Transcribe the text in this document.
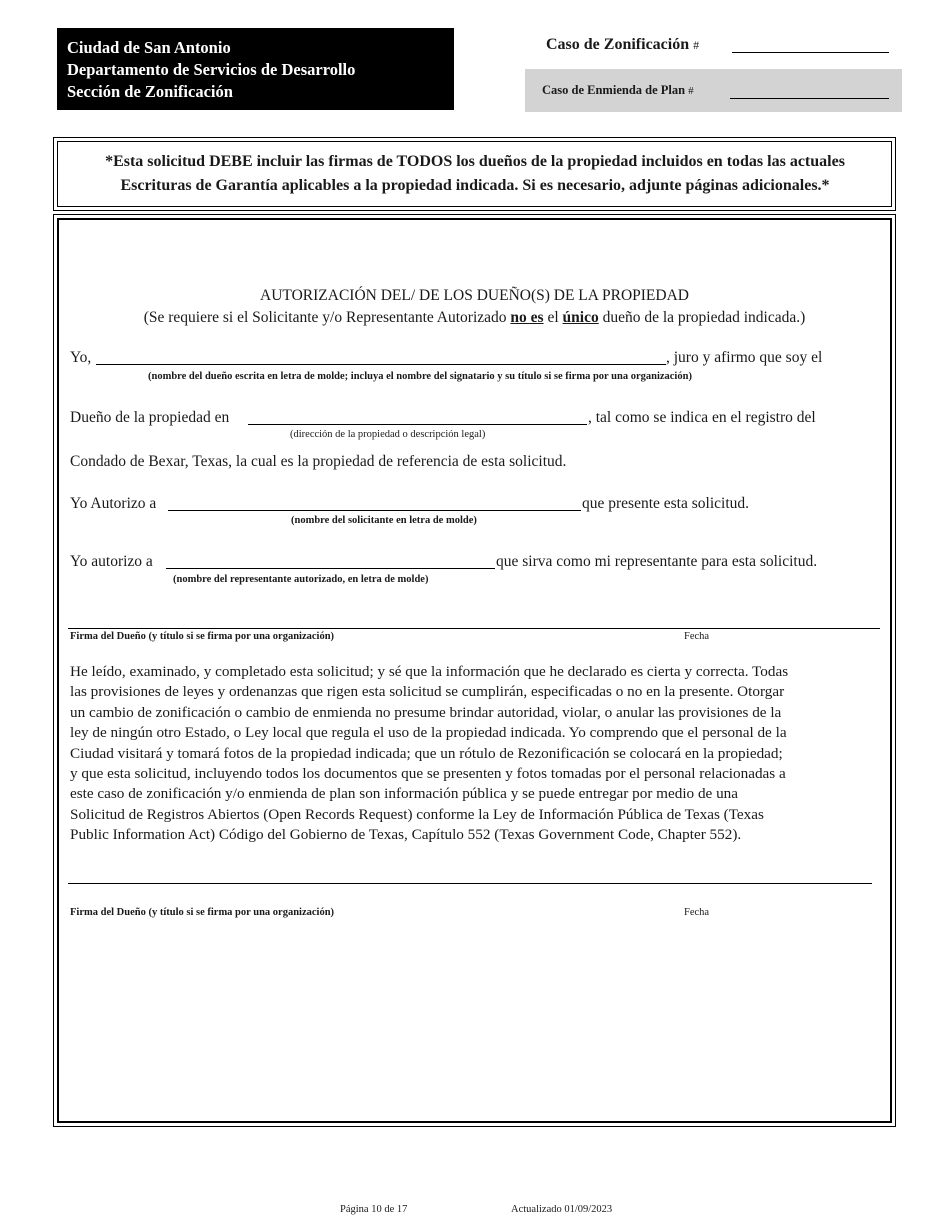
Ciudad de San Antonio
Departamento de Servicios de Desarrollo
Sección de Zonificación
Caso de Zonificación #
Caso de Enmienda de Plan #
*Esta solicitud DEBE incluir las firmas de TODOS los dueños de la propiedad incluidos en todas las actuales
Escrituras de Garantía aplicables a la propiedad indicada. Si es necesario, adjunte páginas adicionales.*
AUTORIZACIÓN DEL/ DE LOS DUEÑO(S) DE LA PROPIEDAD
(Se requiere si el Solicitante y/o Representante Autorizado no es el único dueño de la propiedad indicada.)
Yo,	, juro y afirmo que soy el
(nombre del dueño escrita en letra de molde; incluya el nombre del signatario y su título si se firma por una organización)
Dueño de la propiedad en	, tal como se indica en el registro del
(dirección de la propiedad o descripción legal)
Condado de Bexar, Texas, la cual es la propiedad de referencia de esta solicitud.
Yo Autorizo a	que presente esta solicitud.
(nombre del solicitante en letra de molde)
Yo autorizo a	que sirva como mi representante para esta solicitud.
(nombre del representante autorizado, en letra de molde)
Firma del Dueño (y título si se firma por una organización)	Fecha
He leído, examinado, y completado esta solicitud; y sé que la información que he declarado es cierta y correcta. Todas
las provisiones de leyes y ordenanzas que rigen esta solicitud se cumplirán, especificadas o no en la presente. Otorgar
un cambio de zonificación o cambio de enmienda no presume brindar autoridad, violar, o anular las provisiones de la
ley de ningún otro Estado, o Ley local que regula el uso de la propiedad indicada. Yo comprendo que el personal de la
Ciudad visitará y tomará fotos de la propiedad indicada; que un rótulo de Rezonificación se colocará en la propiedad;
y que esta solicitud, incluyendo todos los documentos que se presenten y fotos tomadas por el personal relacionadas a
este caso de zonificación y/o enmienda de plan son información pública y se puede entregar por medio de una
Solicitud de Registros Abiertos (Open Records Request) conforme la Ley de Información Pública de Texas (Texas
Public Information Act) Código del Gobierno de Texas, Capítulo 552 (Texas Government Code, Chapter 552).
Firma del Dueño (y título si se firma por una organización)	Fecha
Página 10 de 17	Actualizado 01/09/2023
